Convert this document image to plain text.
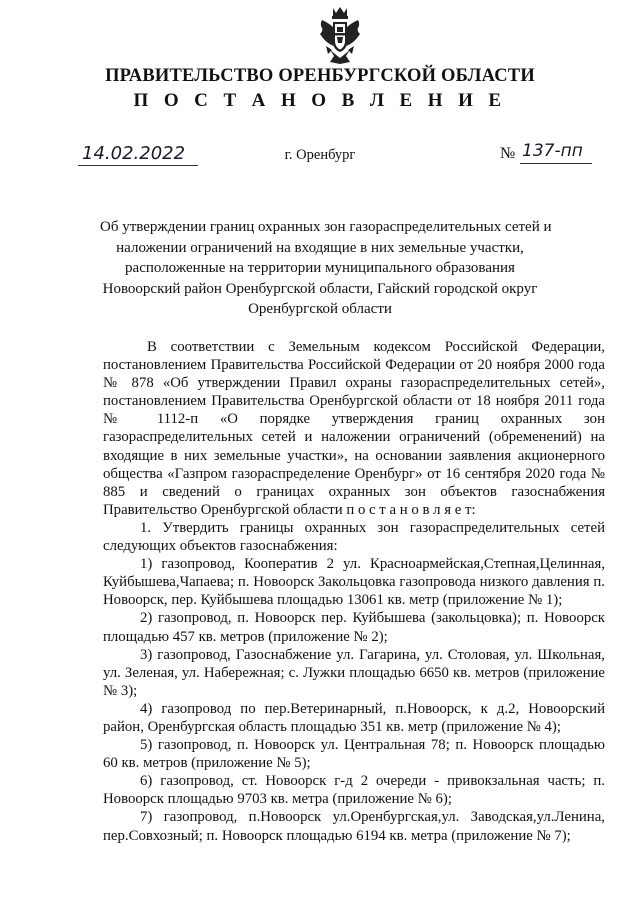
ПРАВИТЕЛЬСТВО ОРЕНБУРГСКОЙ ОБЛАСТИ
П О С Т А Н О В Л Е Н И Е
14.02.2022	г. Оренбург	№ 137-пп
Об утверждении границ охранных зон газораспределительных сетей и
наложении ограничений на входящие в них земельные участки,
расположенные на территории муниципального образования
Новоорский район Оренбургской области, Гайский городской округ
Оренбургской области

В соответствии с Земельным кодексом Российской Федерации, постановлением Правительства Российской Федерации от 20 ноября 2000 года № 878 «Об утверждении Правил охраны газораспределительных сетей», постановлением Правительства Оренбургской области от 18 ноября 2011 года № 1112-п «О порядке утверждения границ охранных зон газораспределительных сетей и наложении ограничений (обременений) на входящие в них земельные участки», на основании заявления акционерного общества «Газпром газораспределение Оренбург» от 16 сентября 2020 года № 885 и сведений о границах охранных зон объектов газоснабжения Правительство Оренбургской области п о с т а н о в л я е т:

1. Утвердить границы охранных зон газораспределительных сетей следующих объектов газоснабжения:

1) газопровод, Кооператив 2 ул. Красноармейская,Степная,Целинная, Куйбышева,Чапаева; п. Новоорск Закольцовка газопровода низкого давления п. Новоорск, пер. Куйбышева площадью 13061 кв. метр (приложение № 1);

2) газопровод, п. Новоорск пер. Куйбышева (закольцовка); п. Новоорск площадью 457 кв. метров (приложение № 2);

3) газопровод, Газоснабжение ул. Гагарина, ул. Столовая, ул. Школьная, ул. Зеленая, ул. Набережная; с. Лужки площадью 6650 кв. метров (приложение № 3);

4) газопровод по пер.Ветеринарный, п.Новоорск, к д.2, Новоорский район, Оренбургская область площадью 351 кв. метр (приложение № 4);

5) газопровод, п. Новоорск ул. Центральная 78; п. Новоорск площадью 60 кв. метров (приложение № 5);

6) газопровод, ст. Новоорск г-д 2 очереди - привокзальная часть; п. Новоорск площадью 9703 кв. метра (приложение № 6);

7) газопровод, п.Новоорск ул.Оренбургская,ул. Заводская,ул.Ленина, пер.Совхозный; п. Новоорск площадью 6194 кв. метра (приложение № 7);
